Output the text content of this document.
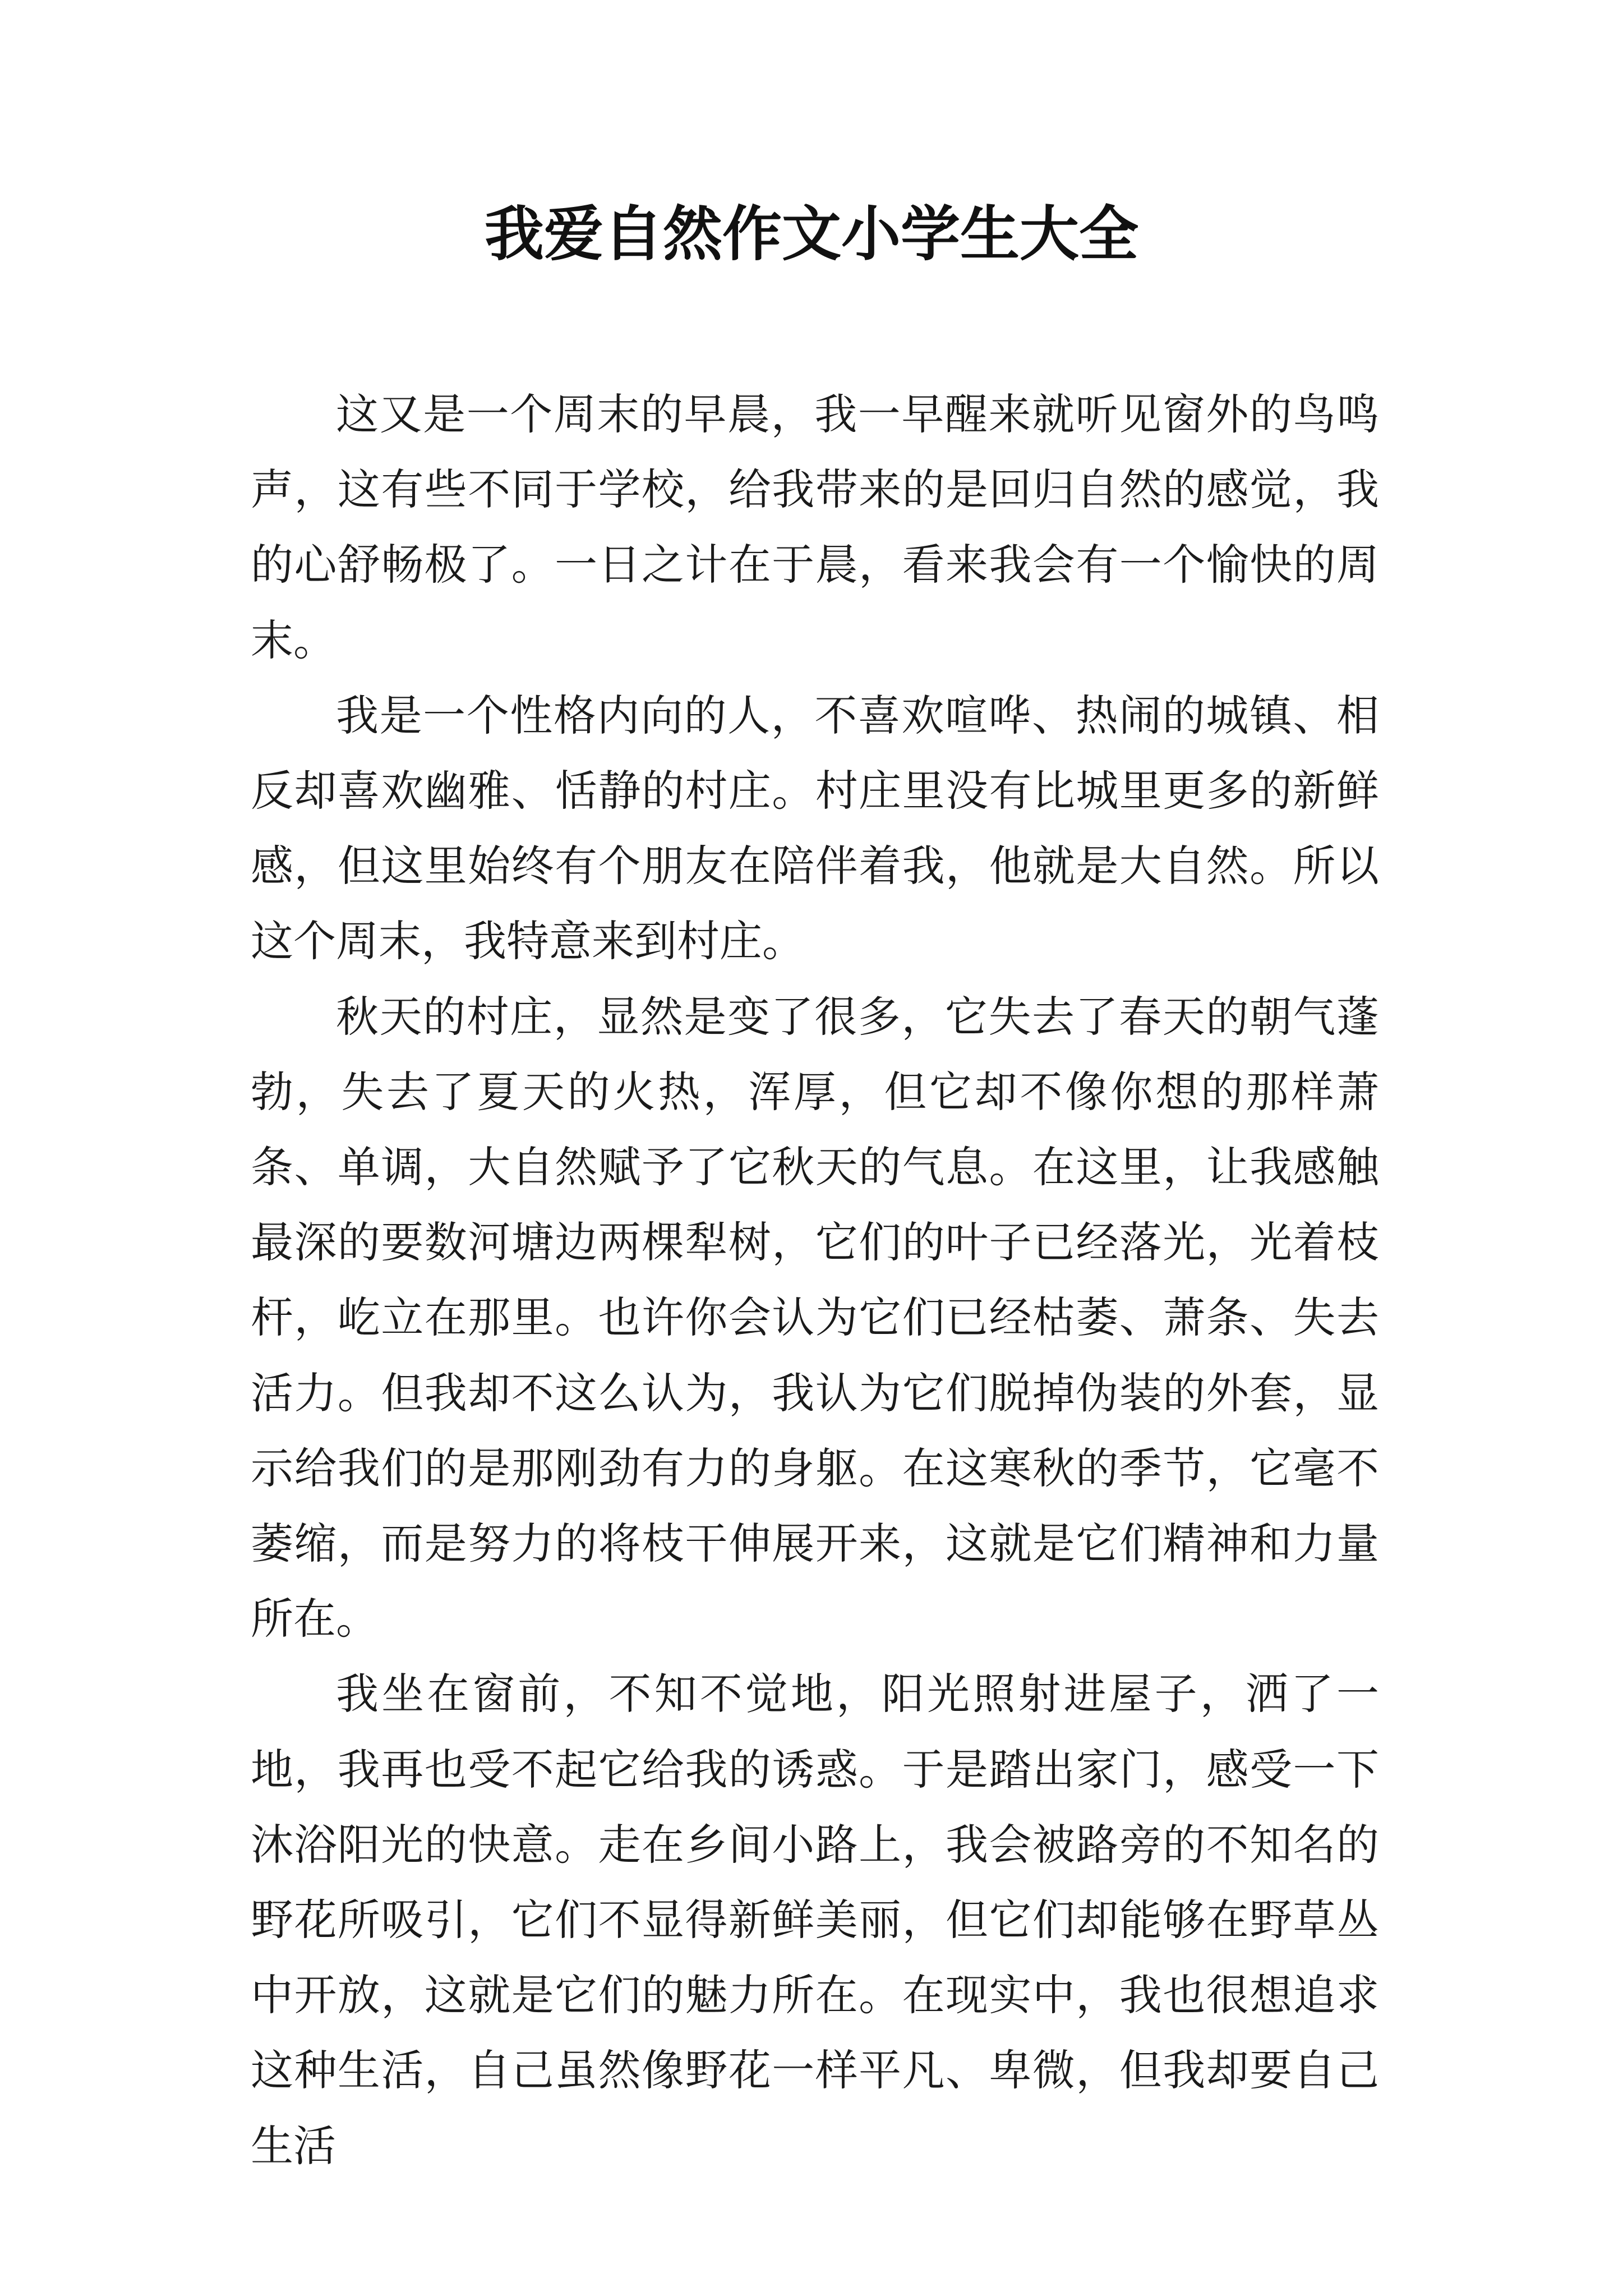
我爱自然作文小学生大全

这又是一个周末的早晨，我一早醒来就听见窗外的鸟鸣声，这有些不同于学校，给我带来的是回归自然的感觉，我的心舒畅极了。一日之计在于晨，看来我会有一个愉快的周末。

我是一个性格内向的人，不喜欢喧哗、热闹的城镇、相反却喜欢幽雅、恬静的村庄。村庄里没有比城里更多的新鲜感，但这里始终有个朋友在陪伴着我，他就是大自然。所以这个周末，我特意来到村庄。

秋天的村庄，显然是变了很多，它失去了春天的朝气蓬勃，失去了夏天的火热，浑厚，但它却不像你想的那样萧条、单调，大自然赋予了它秋天的气息。在这里，让我感触最深的要数河塘边两棵犁树，它们的叶子已经落光，光着枝杆，屹立在那里。也许你会认为它们已经枯萎、萧条、失去活力。但我却不这么认为，我认为它们脱掉伪装的外套，显示给我们的是那刚劲有力的身躯。在这寒秋的季节，它毫不萎缩，而是努力的将枝干伸展开来，这就是它们精神和力量所在。

我坐在窗前，不知不觉地，阳光照射进屋子，洒了一地，我再也受不起它给我的诱惑。于是踏出家门，感受一下沐浴阳光的快意。走在乡间小路上，我会被路旁的不知名的野花所吸引，它们不显得新鲜美丽，但它们却能够在野草丛中开放，这就是它们的魅力所在。在现实中，我也很想追求这种生活，自己虽然像野花一样平凡、卑微，但我却要自己生活
